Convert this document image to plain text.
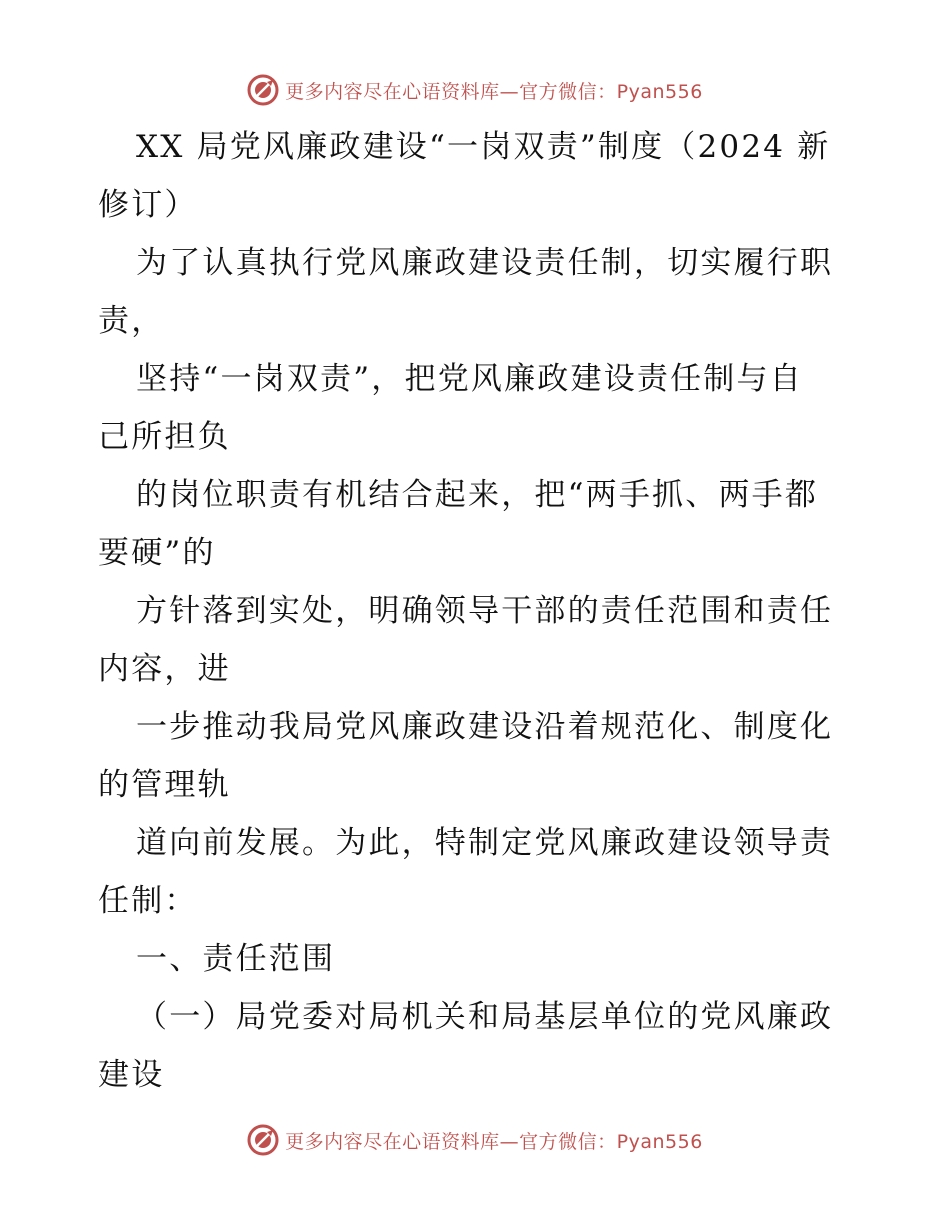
更多内容尽在心语资料库—官方微信：Pyan556
XX 局党风廉政建设“一岗双责”制度（2024 新
修订）
为了认真执行党风廉政建设责任制，切实履行职
责，
坚持“一岗双责”，把党风廉政建设责任制与自
己所担负
的岗位职责有机结合起来，把“两手抓、两手都
要硬”的
方针落到实处，明确领导干部的责任范围和责任
内容，进
一步推动我局党风廉政建设沿着规范化、制度化
的管理轨
道向前发展。为此，特制定党风廉政建设领导责
任制：
一、责任范围
（一）局党委对局机关和局基层单位的党风廉政
建设
更多内容尽在心语资料库—官方微信：Pyan556
